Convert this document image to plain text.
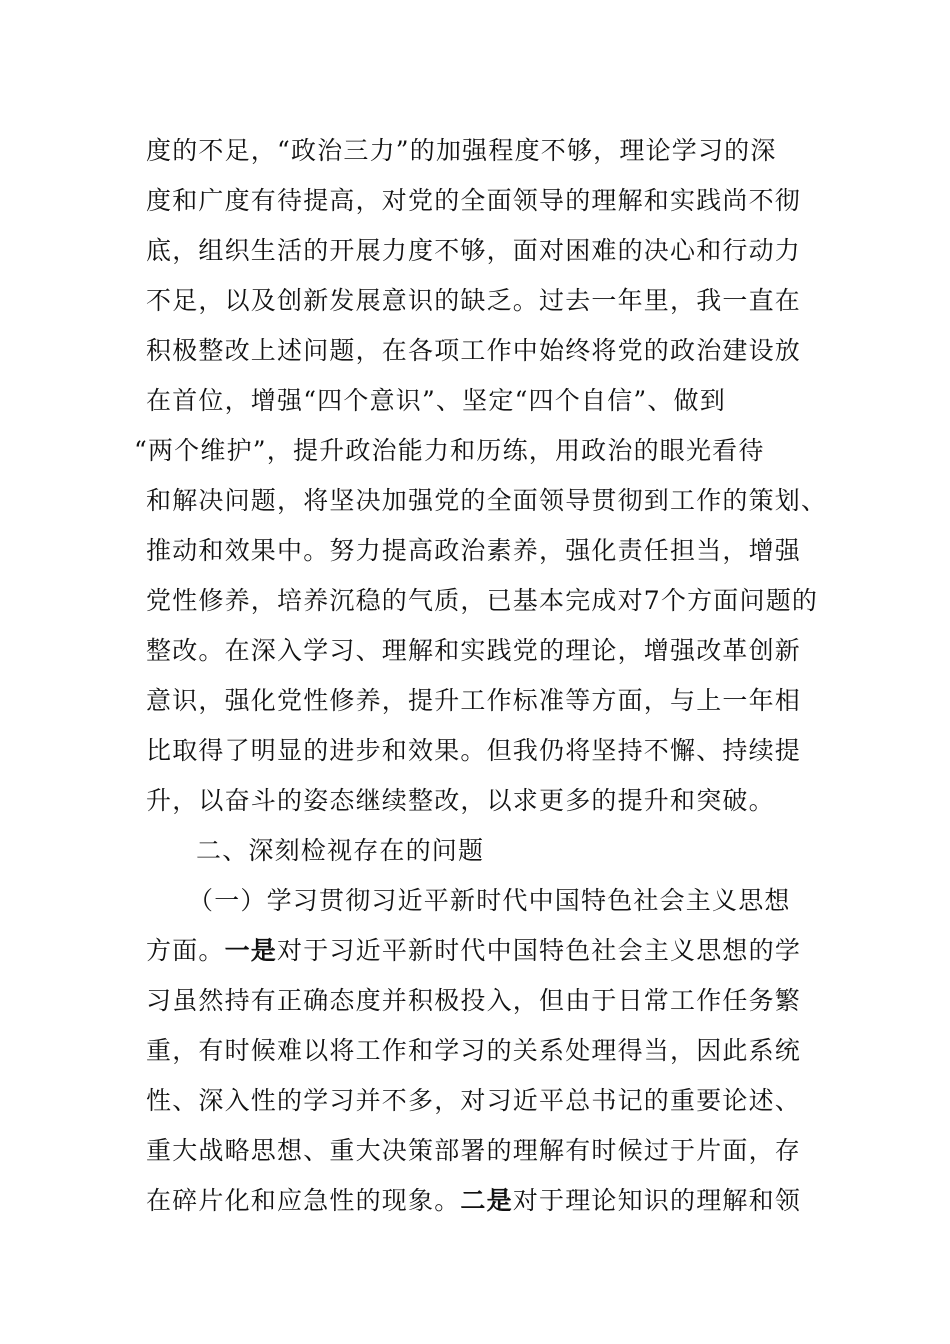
度的不足，“政治三力”的加强程度不够，理论学习的深
度和广度有待提高，对党的全面领导的理解和实践尚不彻
底，组织生活的开展力度不够，面对困难的决心和行动力
不足，以及创新发展意识的缺乏。过去一年里，我一直在
积极整改上述问题，在各项工作中始终将党的政治建设放
在首位，增强“四个意识”、坚定“四个自信”、做到
“两个维护”，提升政治能力和历练，用政治的眼光看待
和解决问题，将坚决加强党的全面领导贯彻到工作的策划、
推动和效果中。努力提高政治素养，强化责任担当，增强
党性修养，培养沉稳的气质，已基本完成对7个方面问题的
整改。在深入学习、理解和实践党的理论，增强改革创新
意识，强化党性修养，提升工作标准等方面，与上一年相
比取得了明显的进步和效果。但我仍将坚持不懈、持续提
升，以奋斗的姿态继续整改，以求更多的提升和突破。
二、深刻检视存在的问题
（一）学习贯彻习近平新时代中国特色社会主义思想
方面。一是对于习近平新时代中国特色社会主义思想的学
习虽然持有正确态度并积极投入，但由于日常工作任务繁
重，有时候难以将工作和学习的关系处理得当，因此系统
性、深入性的学习并不多，对习近平总书记的重要论述、
重大战略思想、重大决策部署的理解有时候过于片面，存
在碎片化和应急性的现象。二是对于理论知识的理解和领
